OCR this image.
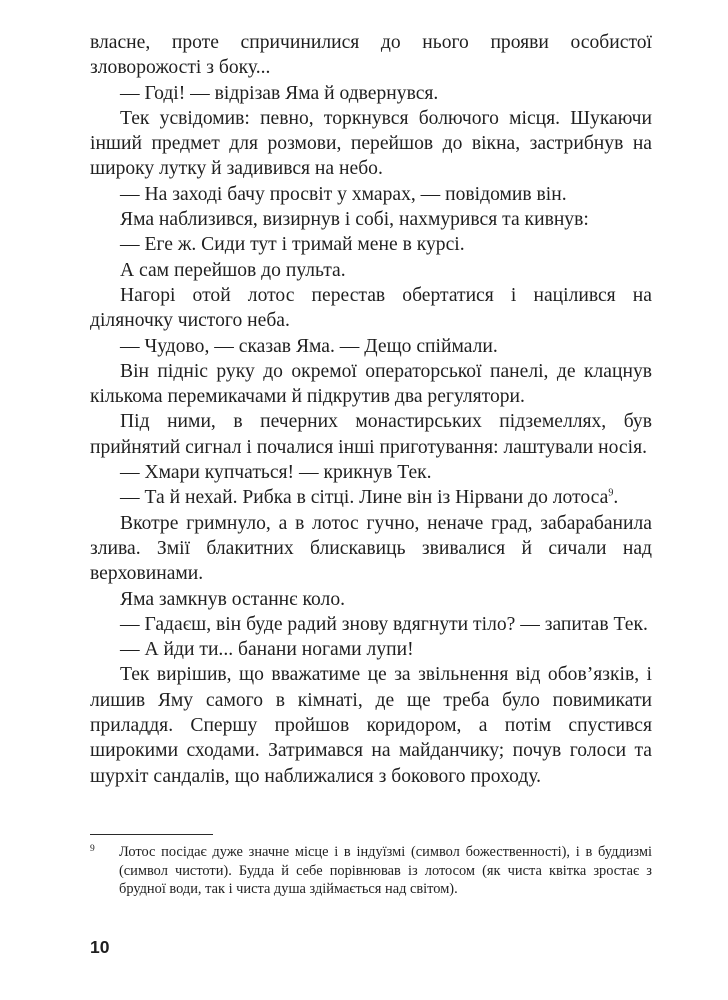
власне, проте спричинилися до нього прояви особистої зловорожості з боку...

— Годі! — відрізав Яма й одвернувся.

Тек усвідомив: певно, торкнувся болючого місця. Шукаючи інший предмет для розмови, перейшов до вікна, застрибнув на широку лутку й задивився на небо.

— На заході бачу просвіт у хмарах, — повідомив він.

Яма наблизився, визирнув і собі, нахмурився та кивнув:

— Еге ж. Сиди тут і тримай мене в курсі.

А сам перейшов до пульта.

Нагорі отой лотос перестав обертатися і націлився на діляночку чистого неба.

— Чудово, — сказав Яма. — Дещо спіймали.

Він підніс руку до окремої операторської панелі, де клацнув кількома перемикачами й підкрутив два регулятори.

Під ними, в печерних монастирських підземеллях, був прийнятий сигнал і почалися інші приготування: лаштували носія.

— Хмари купчаться! — крикнув Тек.

— Та й нехай. Рибка в сітці. Лине він із Нірвани до лотоса$^9$.

Вкотре гримнуло, а в лотос гучно, неначе град, забарабанила злива. Змії блакитних блискавиць звивалися й сичали над верховинами.

Яма замкнув останнє коло.

— Гадаєш, він буде радий знову вдягнути тіло? — запитав Тек.

— А йди ти... банани ногами лупи!

Тек вирішив, що вважатиме це за звільнення від обов’язків, і лишив Яму самого в кімнаті, де ще треба було повимикати приладдя. Спершу пройшов коридором, а потім спустився широкими сходами. Затримався на майданчику; почув голоси та шурхіт сандалів, що наближалися з бокового проходу.

9	Лотос посідає дуже значне місце і в індуїзмі (символ божественності), і в буддизмі (символ чистоти). Будда й себе порівнював із лотосом (як чиста квітка зростає з брудної води, так і чиста душа здіймається над світом).
10
